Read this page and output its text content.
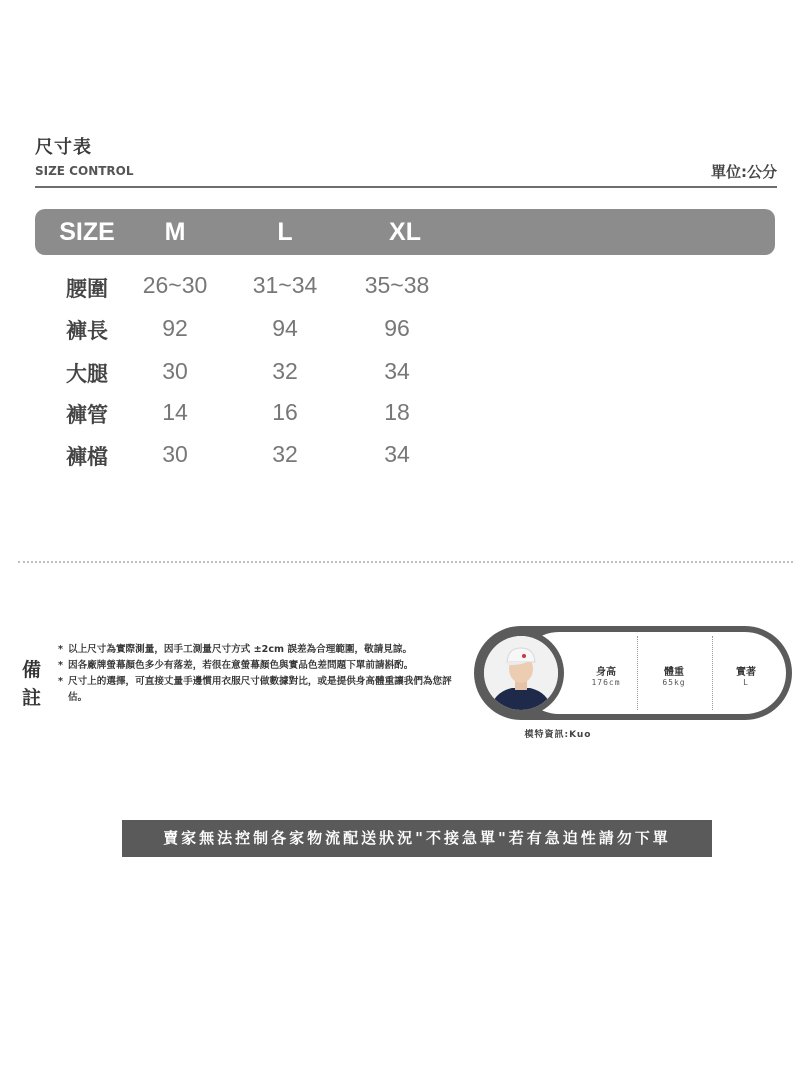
尺寸表
SIZE CONTROL	單位:公分
SIZE	M	L	XL
腰圍	26~30	31~34	35~38
褲長	92	94	96
大腿	30	32	34
褲管	14	16	18
褲檔	30	32	34
備
註
* 以上尺寸為實際測量，因手工測量尺寸方式 ±2cm 誤差為合理範圍，敬請見諒。
* 因各廠牌螢幕顏色多少有落差，若很在意螢幕顏色與實品色差問題下單前請斟酌。
* 尺寸上的選擇，可直接丈量手邊慣用衣服尺寸做數據對比，或是提供身高體重讓我們為您評估。
身高
176cm
體重
65kg
實著
L
模特資訊:Kuo
賣家無法控制各家物流配送狀況"不接急單"若有急迫性請勿下單
